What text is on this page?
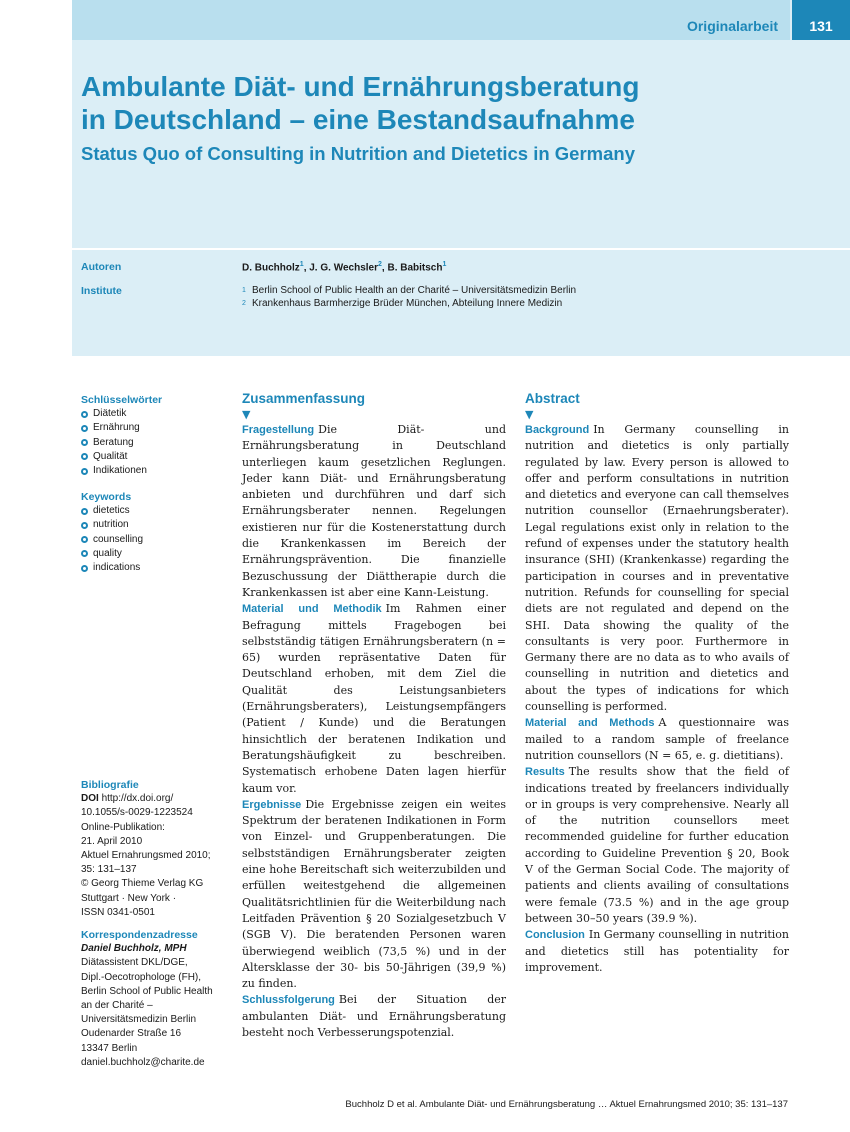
Originalarbeit	131
Ambulante Diät- und Ernährungsberatung
in Deutschland – eine Bestandsaufnahme
Status Quo of Consulting in Nutrition and Dietetics in Germany
Autoren
Institute
D. Buchholz$^1$, J. G. Wechsler$^2$, B. Babitsch$^1$
1 Berlin School of Public Health an der Charité – Universitätsmedizin Berlin
2 Krankenhaus Barmherzige Brüder München, Abteilung Innere Medizin
Schlüsselwörter
Diätetik
Ernährung
Beratung
Qualität
Indikationen
Keywords
dietetics
nutrition
counselling
quality
indications
Bibliografie
DOI http://dx.doi.org/
10.1055/s-0029-1223524
Online-Publikation:
21. April 2010
Aktuel Ernahrungsmed 2010;
35: 131–137
© Georg Thieme Verlag KG
Stuttgart · New York ·
ISSN 0341-0501
Korrespondenzadresse
Daniel Buchholz, MPH
Diätassistent DKL/DGE,
Dipl.-Oecotrophologe (FH),
Berlin School of Public Health
an der Charité –
Universitätsmedizin Berlin
Oudenarder Straße 16
13347 Berlin
daniel.buchholz@charite.de
Zusammenfassung
▼

Fragestellung Die Diät- und Ernährungsberatung in Deutschland unterliegen kaum gesetzlichen Reglungen. Jeder kann Diät- und Ernährungsberatung anbieten und durchführen und darf sich Ernährungsberater nennen. Regelungen existieren nur für die Kostenerstattung durch die Krankenkassen im Bereich der Ernährungsprävention. Die finanzielle Bezuschussung der Diättherapie durch die Krankenkassen ist aber eine Kann-Leistung.

Material und Methodik Im Rahmen einer Befragung mittels Fragebogen bei selbstständig tätigen Ernährungsberatern (n = 65) wurden repräsentative Daten für Deutschland erhoben, mit dem Ziel die Qualität des Leistungsanbieters (Ernährungsberaters), Leistungsempfängers (Patient / Kunde) und die Beratungen hinsichtlich der beratenen Indikation und Beratungshäufigkeit zu beschreiben. Systematisch erhobene Daten lagen hierfür kaum vor.

Ergebnisse Die Ergebnisse zeigen ein weites Spektrum der beratenen Indikationen in Form von Einzel- und Gruppenberatungen. Die selbstständigen Ernährungsberater zeigten eine hohe Bereitschaft sich weiterzubilden und erfüllen weitestgehend die allgemeinen Qualitätsrichtlinien für die Weiterbildung nach Leitfaden Prävention § 20 Sozialgesetzbuch V (SGB V). Die beratenden Personen waren überwiegend weiblich (73,5 %) und in der Altersklasse der 30- bis 50-Jährigen (39,9 %) zu finden.

Schlussfolgerung Bei der Situation der ambulanten Diät- und Ernährungsberatung besteht noch Verbesserungspotenzial.

Abstract
▼

Background In Germany counselling in nutrition and dietetics is only partially regulated by law. Every person is allowed to offer and perform consultations in nutrition and dietetics and everyone can call themselves nutrition counsellor (Ernaehrungsberater). Legal regulations exist only in relation to the refund of expenses under the statutory health insurance (SHI) (Krankenkasse) regarding the participation in courses and in preventative nutrition. Refunds for counselling for special diets are not regulated and depend on the SHI. Data showing the quality of the consultants is very poor. Furthermore in Germany there are no data as to who avails of counselling in nutrition and dietetics and about the types of indications for which counselling is performed.

Material and Methods A questionnaire was mailed to a random sample of freelance nutrition counsellors (N = 65, e. g. dietitians).

Results The results show that the field of indications treated by freelancers individually or in groups is very comprehensive. Nearly all of the nutrition counsellors meet recommended guideline for further education according to Guideline Prevention § 20, Book V of the German Social Code. The majority of patients and clients availing of consultations were female (73.5 %) and in the age group between 30–50 years (39.9 %).

Conclusion In Germany counselling in nutrition and dietetics still has potentiality for improvement.

Buchholz D et al. Ambulante Diät- und Ernährungsberatung … Aktuel Ernahrungsmed 2010; 35: 131–137
